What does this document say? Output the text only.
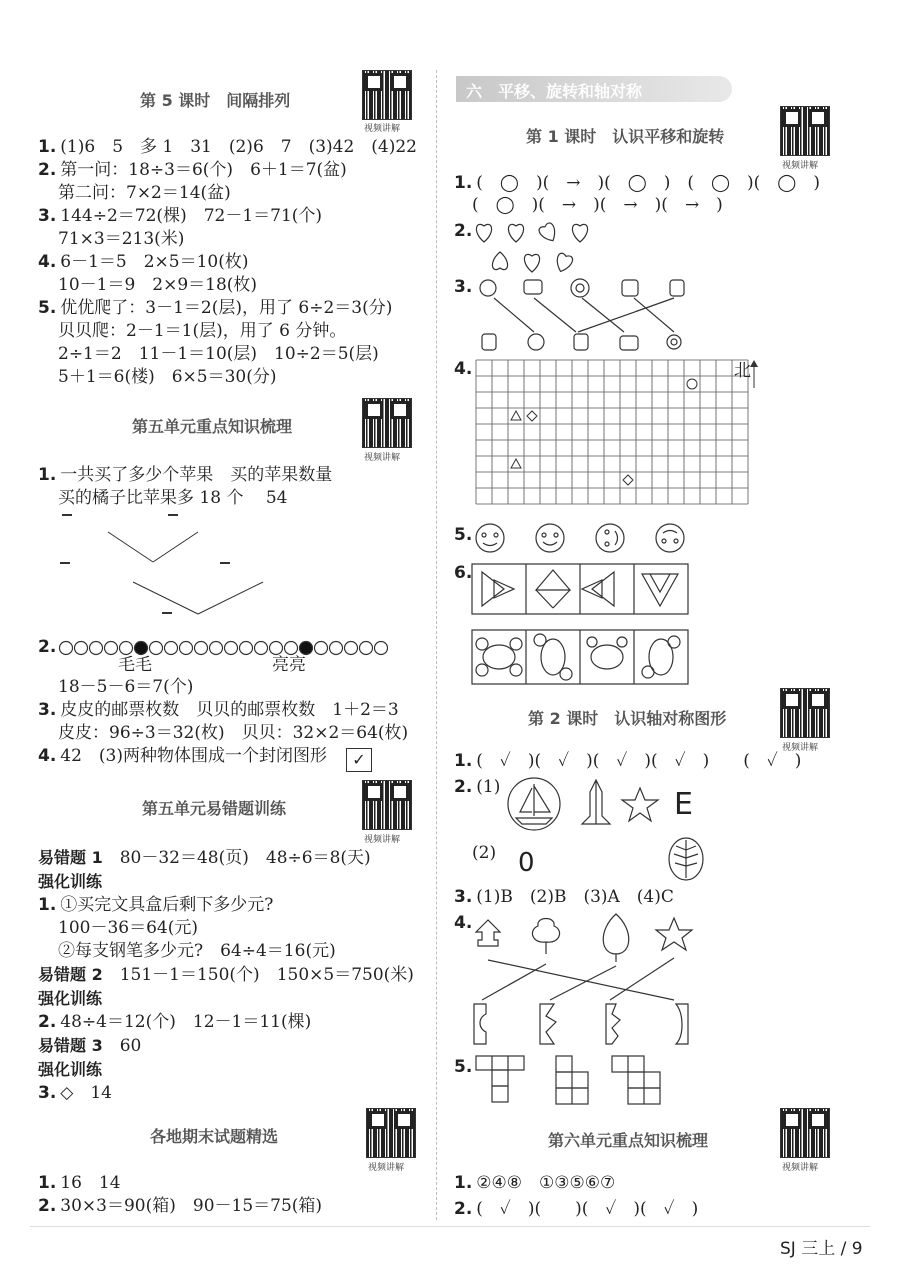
第 5 课时　间隔排列
视频讲解
1. (1)6　5　多 1　31　(2)6　7　(3)42　(4)22
2. 第一问：18÷3＝6(个)　6＋1＝7(盆)
第二问：7×2＝14(盆)
3. 144÷2＝72(棵)　72－1＝71(个)
71×3＝213(米)
4. 6－1＝5　2×5＝10(枚)
10－1＝9　2×9＝18(枚)
5. 优优爬了：3－1＝2(层)，用了 6÷2＝3(分)
贝贝爬：2－1＝1(层)，用了 6 分钟。
2÷1＝2　11－1＝10(层)　10÷2＝5(层)
5＋1＝6(楼)　6×5＝30(分)
第五单元重点知识梳理
视频讲解
1. 一共买了多少个苹果　买的苹果数量
买的橘子比苹果多 18 个　 54
2.
毛毛	亮亮
18－5－6＝7(个)
3. 皮皮的邮票枚数　贝贝的邮票枚数　1＋2＝3
皮皮：96÷3＝32(枚)　贝贝：32×2＝64(枚)
4. 42　(3)两种物体围成一个封闭图形	✓
第五单元易错题训练
视频讲解
易错题 1　80－32＝48(页)　48÷6＝8(天)
强化训练
1. ①买完文具盒后剩下多少元?
100－36＝64(元)
②每支钢笔多少元?　64÷4＝16(元)
易错题 2　151－1＝150(个)　150×5＝750(米)
强化训练
2. 48÷4＝12(个)　12－1＝11(棵)
易错题 3　60
强化训练
3. ◇　14
各地期末试题精选
视频讲解
1. 16　14
2. 30×3＝90(箱)　90－15＝75(箱)
六　平移、旋转和轴对称
第 1 课时　认识平移和旋转
视频讲解
1. (　◯　)(　→　)(　◯　)　(　◯　)(　◯　)
(　◯　)(　→　)(　→　)(　→　)
2.
3.
4.	北
5.
6.
第 2 课时　认识轴对称图形
视频讲解
1. (　✓　)(　✓　)(　✓　)(　✓　)　　(　✓　)
2. (1)	E
(2) 0
3. (1)B　(2)B　(3)A　(4)C
4.
5.
第六单元重点知识梳理
视频讲解
1. ②④⑧　①③⑤⑥⑦
2. (　✓　)(　　)(　✓　)(　✓　)
SJ 三上 / 9
